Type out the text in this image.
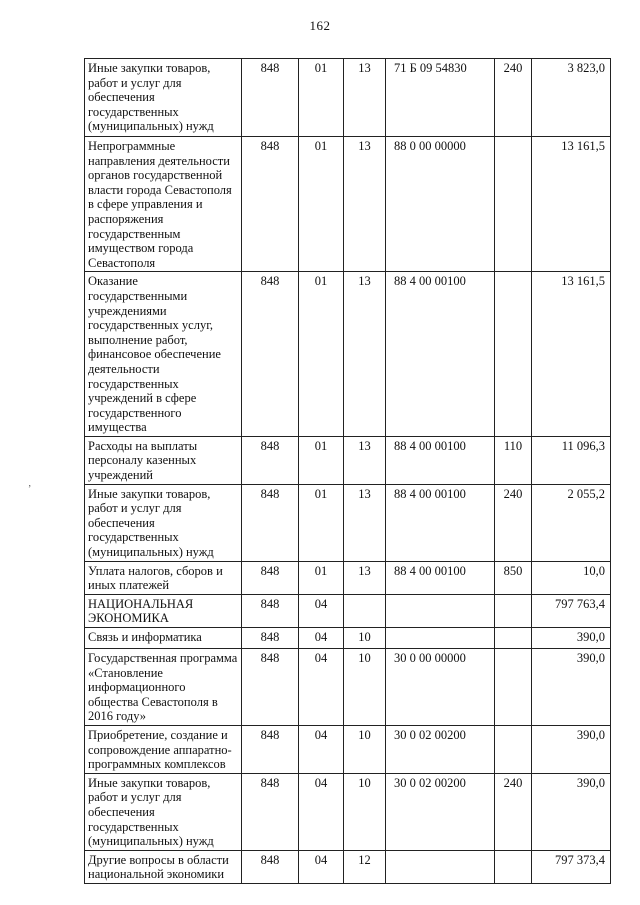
162
Иные закупки товаров, работ и услуг для обеспечения государственных (муниципальных) нужд	848	01	13	71 Б 09 54830	240	3 823,0
Непрограммные направления деятельности органов государственной власти города Севастополя в сфере управления и распоряжения государственным имуществом города Севастополя	848	01	13	88 0 00 00000		13 161,5
Оказание государственными учреждениями государственных услуг, выполнение работ, финансовое обеспечение деятельности государственных учреждений в сфере государственного имущества	848	01	13	88 4 00 00100		13 161,5
Расходы на выплаты персоналу казенных учреждений	848	01	13	88 4 00 00100	110	11 096,3
Иные закупки товаров, работ и услуг для обеспечения государственных (муниципальных) нужд	848	01	13	88 4 00 00100	240	2 055,2
Уплата налогов, сборов и иных платежей	848	01	13	88 4 00 00100	850	10,0
НАЦИОНАЛЬНАЯ ЭКОНОМИКА	848	04				797 763,4
Связь и информатика	848	04	10			390,0
Государственная программа «Становление информационного общества Севастополя в 2016 году»	848	04	10	30 0 00 00000		390,0
Приобретение, создание и сопровождение аппаратно-программных комплексов	848	04	10	30 0 02 00200		390,0
Иные закупки товаров, работ и услуг для обеспечения государственных (муниципальных) нужд	848	04	10	30 0 02 00200	240	390,0
Другие вопросы в области национальной экономики	848	04	12			797 373,4
‚
